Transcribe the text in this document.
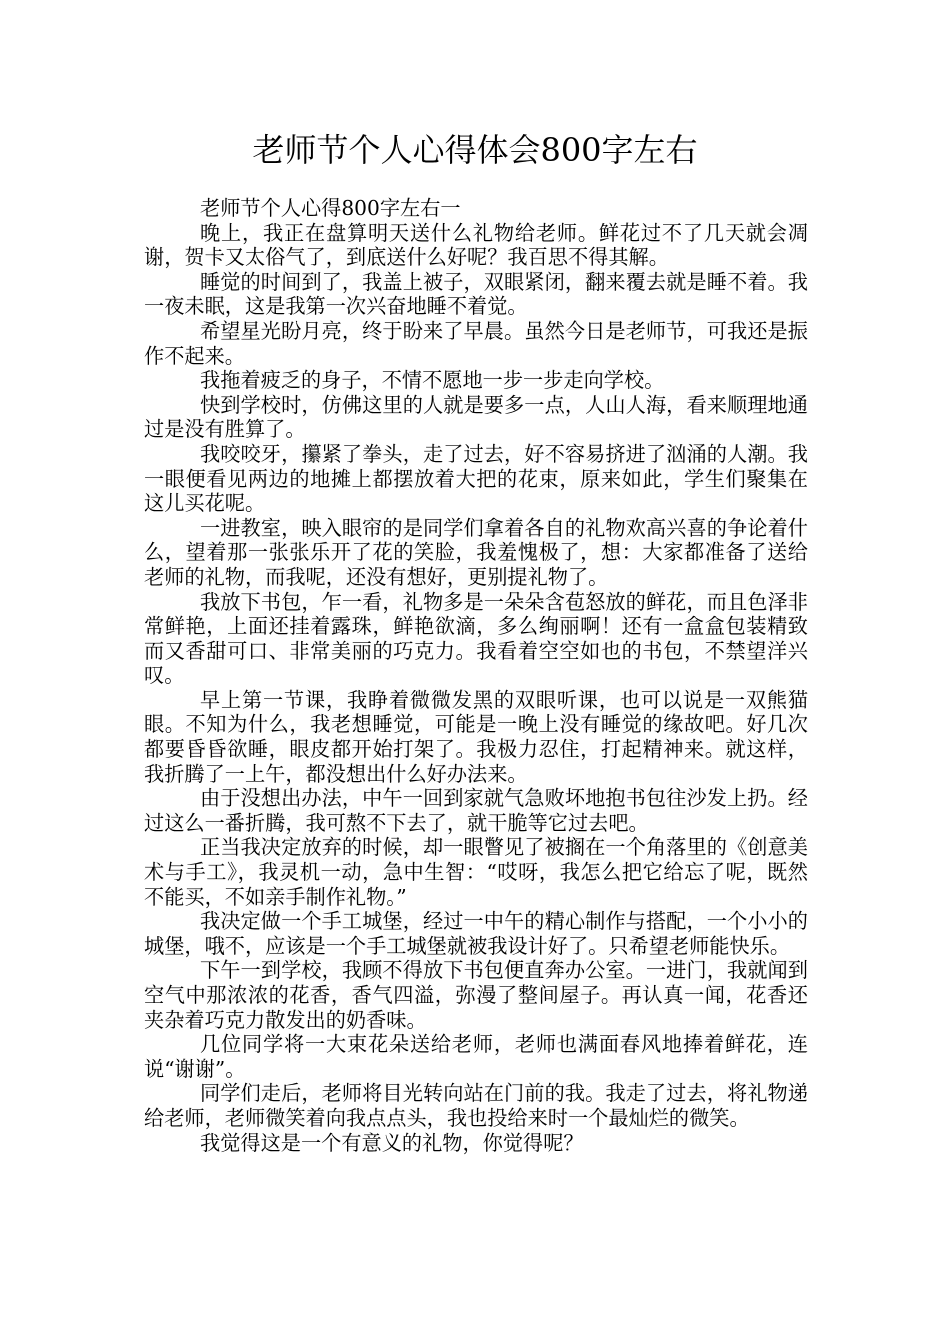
老师节个人心得体会800字左右

老师节个人心得800字左右一

晚上，我正在盘算明天送什么礼物给老师。鲜花过不了几天就会凋谢，贺卡又太俗气了，到底送什么好呢？我百思不得其解。

睡觉的时间到了，我盖上被子，双眼紧闭，翻来覆去就是睡不着。我一夜未眠，这是我第一次兴奋地睡不着觉。

希望星光盼月亮，终于盼来了早晨。虽然今日是老师节，可我还是振作不起来。

我拖着疲乏的身子，不情不愿地一步一步走向学校。

快到学校时，仿佛这里的人就是要多一点，人山人海，看来顺理地通过是没有胜算了。

我咬咬牙，攥紧了拳头，走了过去，好不容易挤进了汹涌的人潮。我一眼便看见两边的地摊上都摆放着大把的花束，原来如此，学生们聚集在这儿买花呢。

一进教室，映入眼帘的是同学们拿着各自的礼物欢高兴喜的争论着什么，望着那一张张乐开了花的笑脸，我羞愧极了，想：大家都准备了送给老师的礼物，而我呢，还没有想好，更别提礼物了。

我放下书包，乍一看，礼物多是一朵朵含苞怒放的鲜花，而且色泽非常鲜艳，上面还挂着露珠，鲜艳欲滴，多么绚丽啊！还有一盒盒包装精致而又香甜可口、非常美丽的巧克力。我看着空空如也的书包，不禁望洋兴叹。

早上第一节课，我睁着微微发黑的双眼听课，也可以说是一双熊猫眼。不知为什么，我老想睡觉，可能是一晚上没有睡觉的缘故吧。好几次都要昏昏欲睡，眼皮都开始打架了。我极力忍住，打起精神来。就这样，我折腾了一上午，都没想出什么好办法来。

由于没想出办法，中午一回到家就气急败坏地抱书包往沙发上扔。经过这么一番折腾，我可熬不下去了，就干脆等它过去吧。

正当我决定放弃的时候，却一眼瞥见了被搁在一个角落里的《创意美术与手工》，我灵机一动，急中生智：“哎呀，我怎么把它给忘了呢，既然不能买，不如亲手制作礼物。”

我决定做一个手工城堡，经过一中午的精心制作与搭配，一个小小的城堡，哦不，应该是一个手工城堡就被我设计好了。只希望老师能快乐。

下午一到学校，我顾不得放下书包便直奔办公室。一进门，我就闻到空气中那浓浓的花香，香气四溢，弥漫了整间屋子。再认真一闻，花香还夹杂着巧克力散发出的奶香味。

几位同学将一大束花朵送给老师，老师也满面春风地捧着鲜花，连说“谢谢”。

同学们走后，老师将目光转向站在门前的我。我走了过去，将礼物递给老师，老师微笑着向我点点头，我也投给来时一个最灿烂的微笑。

我觉得这是一个有意义的礼物，你觉得呢？
